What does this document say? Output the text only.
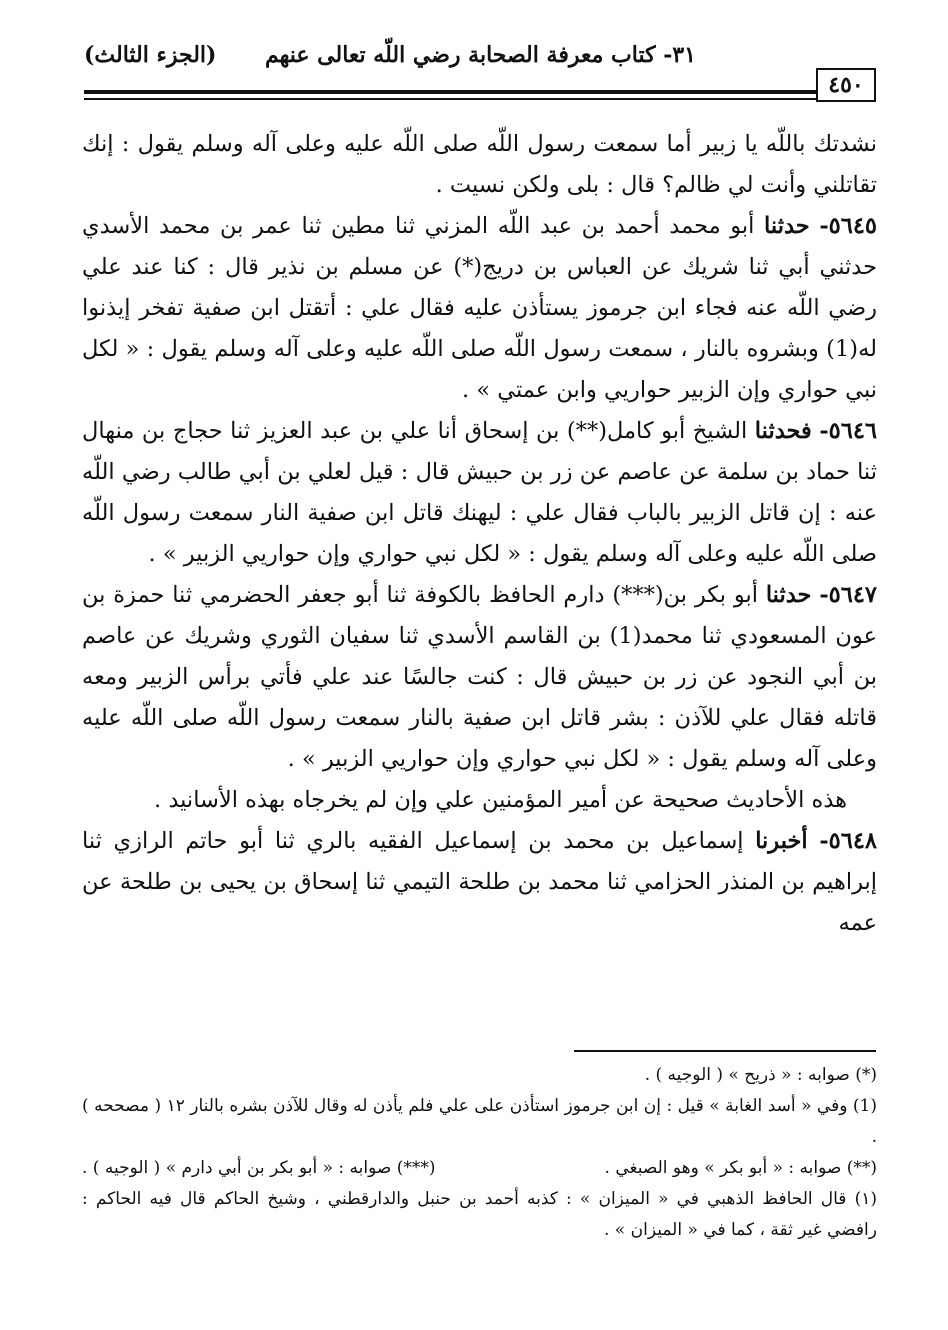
٣١- كتاب معرفة الصحابة رضي اللّه تعالى عنهم
(الجزء الثالث)
٤٥٠

نشدتك باللّه يا زبير أما سمعت رسول اللّه صلى اللّه عليه وعلى آله وسلم يقول : إنك تقاتلني وأنت لي ظالم؟ قال : بلى ولكن نسيت .

٥٦٤٥- حدثنا أبو محمد أحمد بن عبد اللّه المزني ثنا مطين ثنا عمر بن محمد الأسدي حدثني أبي ثنا شريك عن العباس بن دريج(*) عن مسلم بن نذير قال : كنا عند علي رضي اللّه عنه فجاء ابن جرموز يستأذن عليه فقال علي : أتقتل ابن صفية تفخر إيذنوا له(1) وبشروه بالنار ، سمعت رسول اللّه صلى اللّه عليه وعلى آله وسلم يقول : « لكل نبي حواري وإن الزبير حواريي وابن عمتي » .

٥٦٤٦- فحدثنا الشيخ أبو كامل(**) بن إسحاق أنا علي بن عبد العزيز ثنا حجاج بن منهال ثنا حماد بن سلمة عن عاصم عن زر بن حبيش قال : قيل لعلي بن أبي طالب رضي اللّه عنه : إن قاتل الزبير بالباب فقال علي : ليهنك قاتل ابن صفية النار سمعت رسول اللّه صلى اللّه عليه وعلى آله وسلم يقول : « لكل نبي حواري وإن حواريي الزبير » .

٥٦٤٧- حدثنا أبو بكر بن(***) دارم الحافظ بالكوفة ثنا أبو جعفر الحضرمي ثنا حمزة بن عون المسعودي ثنا محمد(1) بن القاسم الأسدي ثنا سفيان الثوري وشريك عن عاصم بن أبي النجود عن زر بن حبيش قال : كنت جالسًا عند علي فأتي برأس الزبير ومعه قاتله فقال علي للآذن : بشر قاتل ابن صفية بالنار سمعت رسول اللّه صلى اللّه عليه وعلى آله وسلم يقول : « لكل نبي حواري وإن حواريي الزبير » .

هذه الأحاديث صحيحة عن أمير المؤمنين علي وإن لم يخرجاه بهذه الأسانيد .

٥٦٤٨- أخبرنا إسماعيل بن محمد بن إسماعيل الفقيه بالري ثنا أبو حاتم الرازي ثنا إبراهيم بن المنذر الحزامي ثنا محمد بن طلحة التيمي ثنا إسحاق بن يحيى بن طلحة عن عمه

(*) صوابه : « ذريح » ( الوجيه ) .

(1) وفي « أسد الغابة » قيل : إن ابن جرموز استأذن على علي فلم يأذن له وقال للآذن بشره بالنار ١٢ ( مصححه ) .

(**) صوابه : « أبو بكر » وهو الصبغي .
(***) صوابه : « أبو بكر بن أبي دارم » ( الوجيه ) .

(١) قال الحافظ الذهبي في « الميزان » : كذبه أحمد بن حنبل والدارقطني ، وشيخ الحاكم قال فيه الحاكم : رافضي غير ثقة ، كما في « الميزان » .
